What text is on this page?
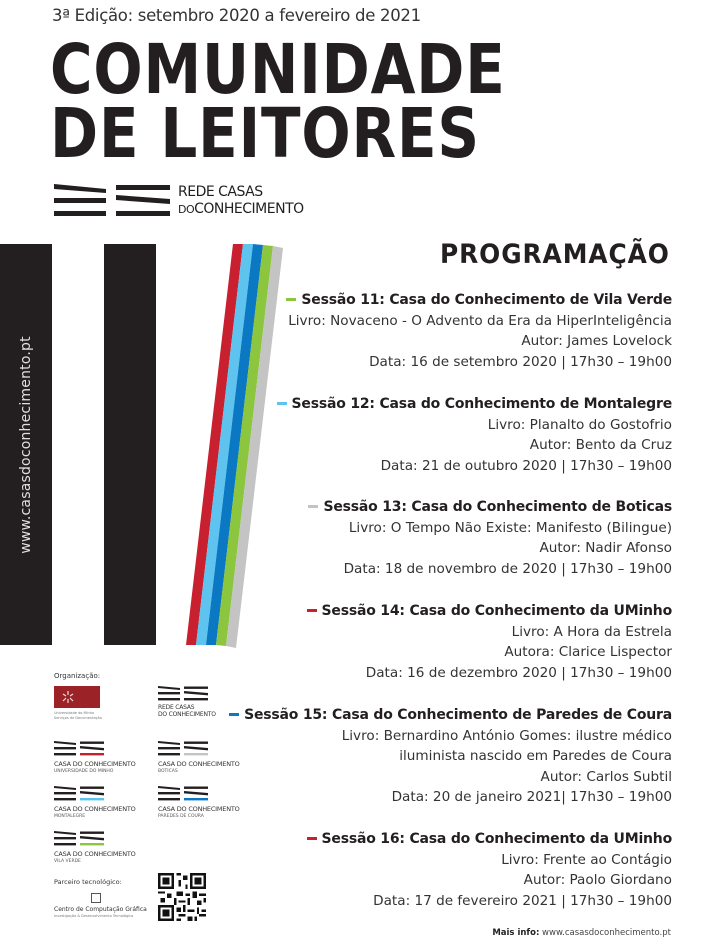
3ª Edição: setembro 2020 a fevereiro de 2021
COMUNIDADE
DE LEITORES
REDE CASAS
DOCONHECIMENTO
www.casasdoconhecimento.pt
PROGRAMAÇÃO
Sessão 11: Casa do Conhecimento de Vila Verde
Livro: Novaceno - O Advento da Era da HiperInteligência
Autor: James Lovelock
Data: 16 de setembro 2020 | 17h30 – 19h00
Sessão 12: Casa do Conhecimento de Montalegre
Livro: Planalto do Gostofrio
Autor: Bento da Cruz
Data: 21 de outubro 2020 | 17h30 – 19h00
Sessão 13: Casa do Conhecimento de Boticas
Livro: O Tempo Não Existe: Manifesto (Bilingue)
Autor: Nadir Afonso
Data: 18 de novembro de 2020 | 17h30 – 19h00
Sessão 14: Casa do Conhecimento da UMinho
Livro: A Hora da Estrela
Autora: Clarice Lispector
Data: 16 de dezembro 2020 | 17h30 – 19h00
Sessão 15: Casa do Conhecimento de Paredes de Coura
Livro: Bernardino António Gomes: ilustre médico
iluminista nascido em Paredes de Coura
Autor: Carlos Subtil
Data: 20 de janeiro 2021| 17h30 – 19h00
Sessão 16: Casa do Conhecimento da UMinho
Livro: Frente ao Contágio
Autor: Paolo Giordano
Data: 17 de fevereiro 2021 | 17h30 – 19h00
Organização:
Universidade do Minho
Serviços de Documentação
REDE CASAS
DO CONHECIMENTO
CASA DO CONHECIMENTO
UNIVERSIDADE DO MINHO
CASA DO CONHECIMENTO
BOTICAS
CASA DO CONHECIMENTO
MONTALEGRE
CASA DO CONHECIMENTO
PAREDES DE COURA
CASA DO CONHECIMENTO
VILA VERDE
Parceiro tecnológico:
Centro de Computação Gráfica
Investigação & Desenvolvimento Tecnológico
Mais info: www.casasdoconhecimento.pt
